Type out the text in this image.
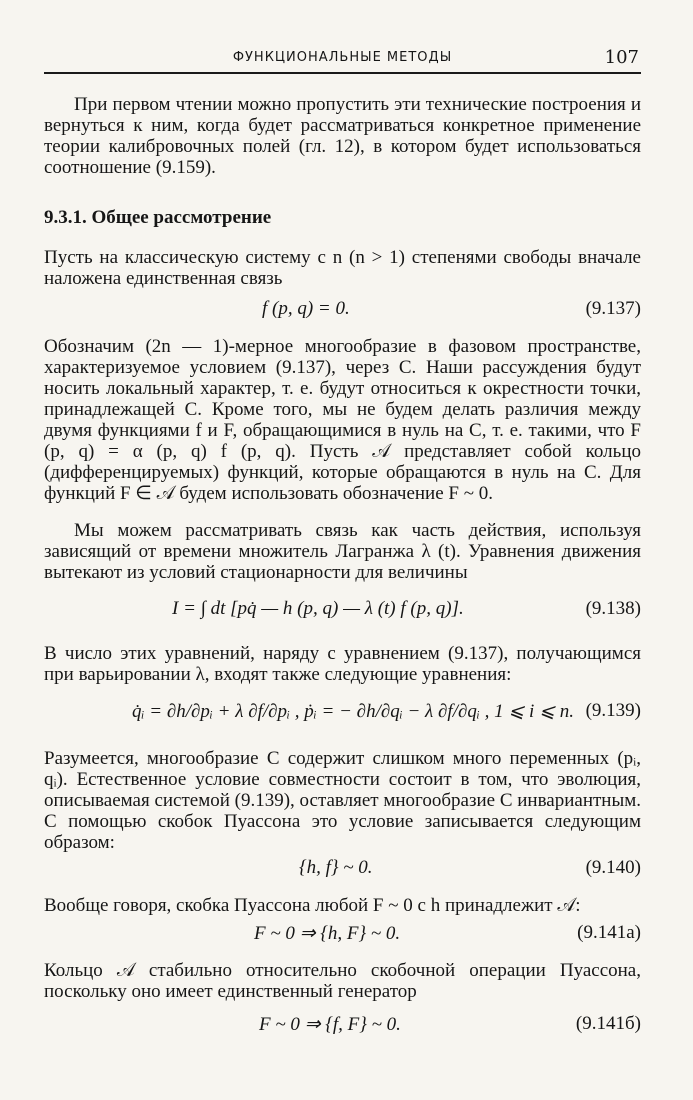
ФУНКЦИОНАЛЬНЫЕ МЕТОДЫ	107

При первом чтении можно пропустить эти технические построения и вернуться к ним, когда будет рассматриваться конкретное применение теории калибровочных полей (гл. 12), в котором будет использоваться соотношение (9.159).

9.3.1. Общее рассмотрение

Пусть на классическую систему с n (n > 1) степенями свободы вначале наложена единственная связь

f (p, q) = 0.	(9.137)

Обозначим (2n — 1)-мерное многообразие в фазовом пространстве, характеризуемое условием (9.137), через C. Наши рассуждения будут носить локальный характер, т. е. будут относиться к окрестности точки, принадлежащей C. Кроме того, мы не будем делать различия между двумя функциями f и F, обращающимися в нуль на C, т. е. такими, что F (p, q) = α (p, q) f (p, q). Пусть 𝒜 представляет собой кольцо (дифференцируемых) функций, которые обращаются в нуль на C. Для функций F ∈ 𝒜 будем использовать обозначение F ~ 0.

Мы можем рассматривать связь как часть действия, используя зависящий от времени множитель Лагранжа λ (t). Уравнения движения вытекают из условий стационарности для величины

I = ∫ dt [pq̇ — h (p, q) — λ (t) f (p, q)].	(9.138)

В число этих уравнений, наряду с уравнением (9.137), получающимся при варьировании λ, входят также следующие уравнения:

q̇ᵢ = ∂h/∂pᵢ + λ ∂f/∂pᵢ , ṗᵢ = − ∂h/∂qᵢ − λ ∂f/∂qᵢ , 1 ⩽ i ⩽ n. (9.139)

Разумеется, многообразие C содержит слишком много переменных (pᵢ, qᵢ). Естественное условие совместности состоит в том, что эволюция, описываемая системой (9.139), оставляет многообразие C инвариантным. С помощью скобок Пуассона это условие записывается следующим образом:

{h, f} ~ 0.	(9.140)

Вообще говоря, скобка Пуассона любой F ~ 0 с h принадлежит 𝒜:

F ~ 0 ⇒ {h, F} ~ 0.	(9.141а)

Кольцо 𝒜 стабильно относительно скобочной операции Пуассона, поскольку оно имеет единственный генератор

F ~ 0 ⇒ {f, F} ~ 0.	(9.141б)
